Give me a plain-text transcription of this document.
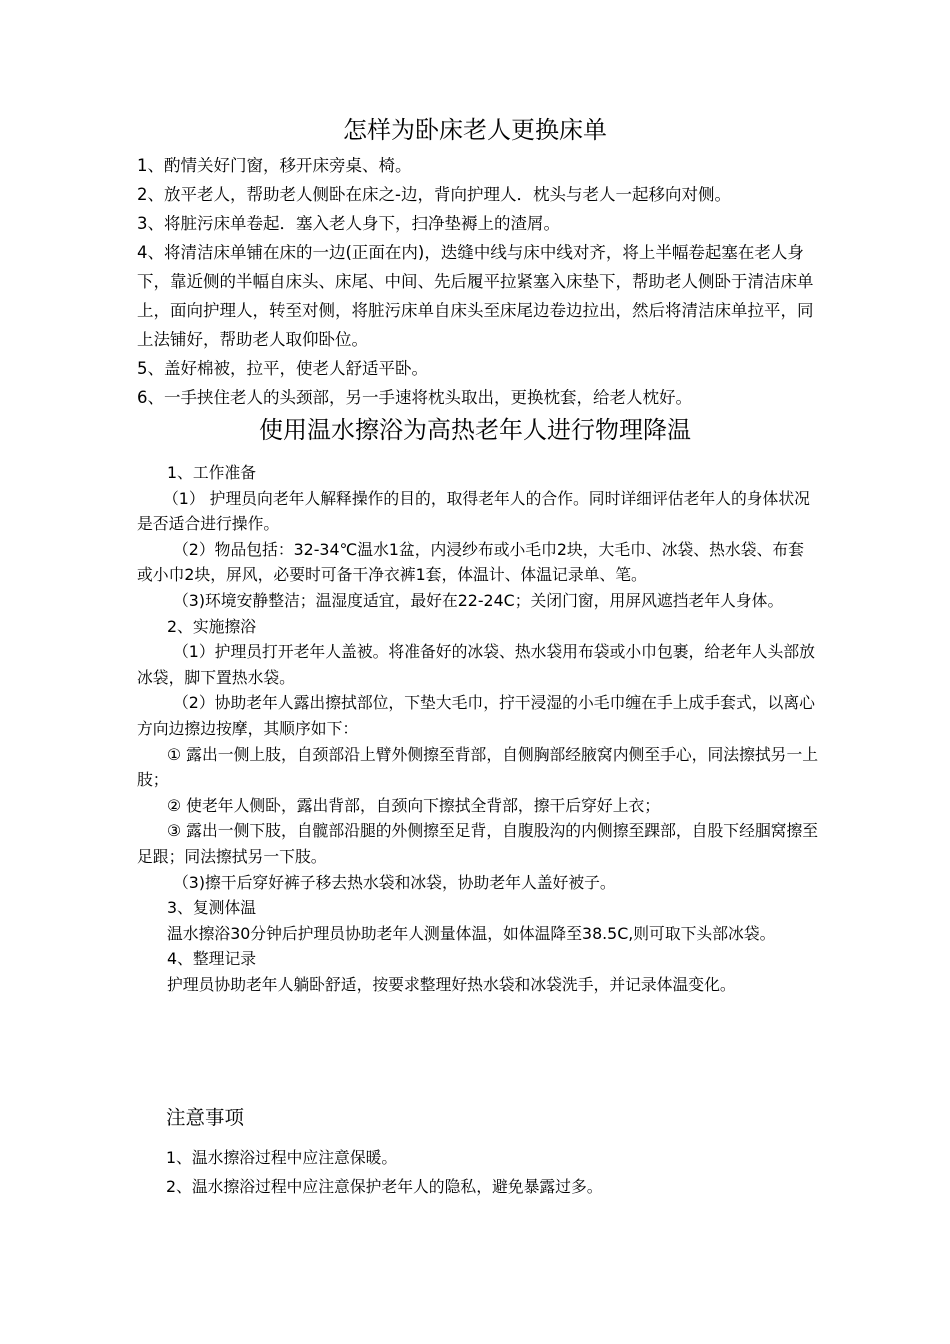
怎样为卧床老人更换床单

1、酌情关好门窗，移开床旁桌、椅。

2、放平老人，帮助老人侧卧在床之-边，背向护理人．枕头与老人一起移向对侧。

3、将脏污床单卷起．塞入老人身下，扫净垫褥上的渣屑。

4、将清洁床单铺在床的一边(正面在内)，迭缝中线与床中线对齐，将上半幅卷起塞在老人身下，靠近侧的半幅自床头、床尾、中间、先后履平拉紧塞入床垫下，帮助老人侧卧于清洁床单上，面向护理人，转至对侧，将脏污床单自床头至床尾边卷边拉出，然后将清洁床单拉平，同上法铺好，帮助老人取仰卧位。

5、盖好棉被，拉平，使老人舒适平卧。

6、一手挟住老人的头颈部，另一手速将枕头取出，更换枕套，给老人枕好。

使用温水擦浴为高热老年人进行物理降温

1、工作准备

（1） 护理员向老年人解释操作的目的，取得老年人的合作。同时详细评估老年人的身体状况是否适合进行操作。

（2）物品包括：32-34℃温水1盆，内浸纱布或小毛巾2块，大毛巾、冰袋、热水袋、布套或小巾2块，屏风，必要时可备干净衣裤1套，体温计、体温记录单、笔。

（3)环境安静整洁；温湿度适宜，最好在22-24C；关闭门窗，用屏风遮挡老年人身体。

2、实施擦浴

（1）护理员打开老年人盖被。将准备好的冰袋、热水袋用布袋或小巾包裹，给老年人头部放冰袋，脚下置热水袋。

（2）协助老年人露出擦拭部位，下垫大毛巾，拧干浸湿的小毛巾缠在手上成手套式，以离心方向边擦边按摩，其顺序如下：

① 露出一侧上肢，自颈部沿上臂外侧擦至背部，自侧胸部经腋窝内侧至手心，同法擦拭另一上肢；

② 使老年人侧卧，露出背部，自颈向下擦拭全背部，擦干后穿好上衣；

③ 露出一侧下肢，自髋部沿腿的外侧擦至足背，自腹股沟的内侧擦至踝部，自股下经腘窝擦至足跟；同法擦拭另一下肢。

（3)擦干后穿好裤子移去热水袋和冰袋，协助老年人盖好被子。

3、复测体温

温水擦浴30分钟后护理员协助老年人测量体温，如体温降至38.5C,则可取下头部冰袋。

4、整理记录

护理员协助老年人躺卧舒适，按要求整理好热水袋和冰袋洗手，并记录体温变化。

注意事项

1、温水擦浴过程中应注意保暖。

2、温水擦浴过程中应注意保护老年人的隐私，避免暴露过多。
